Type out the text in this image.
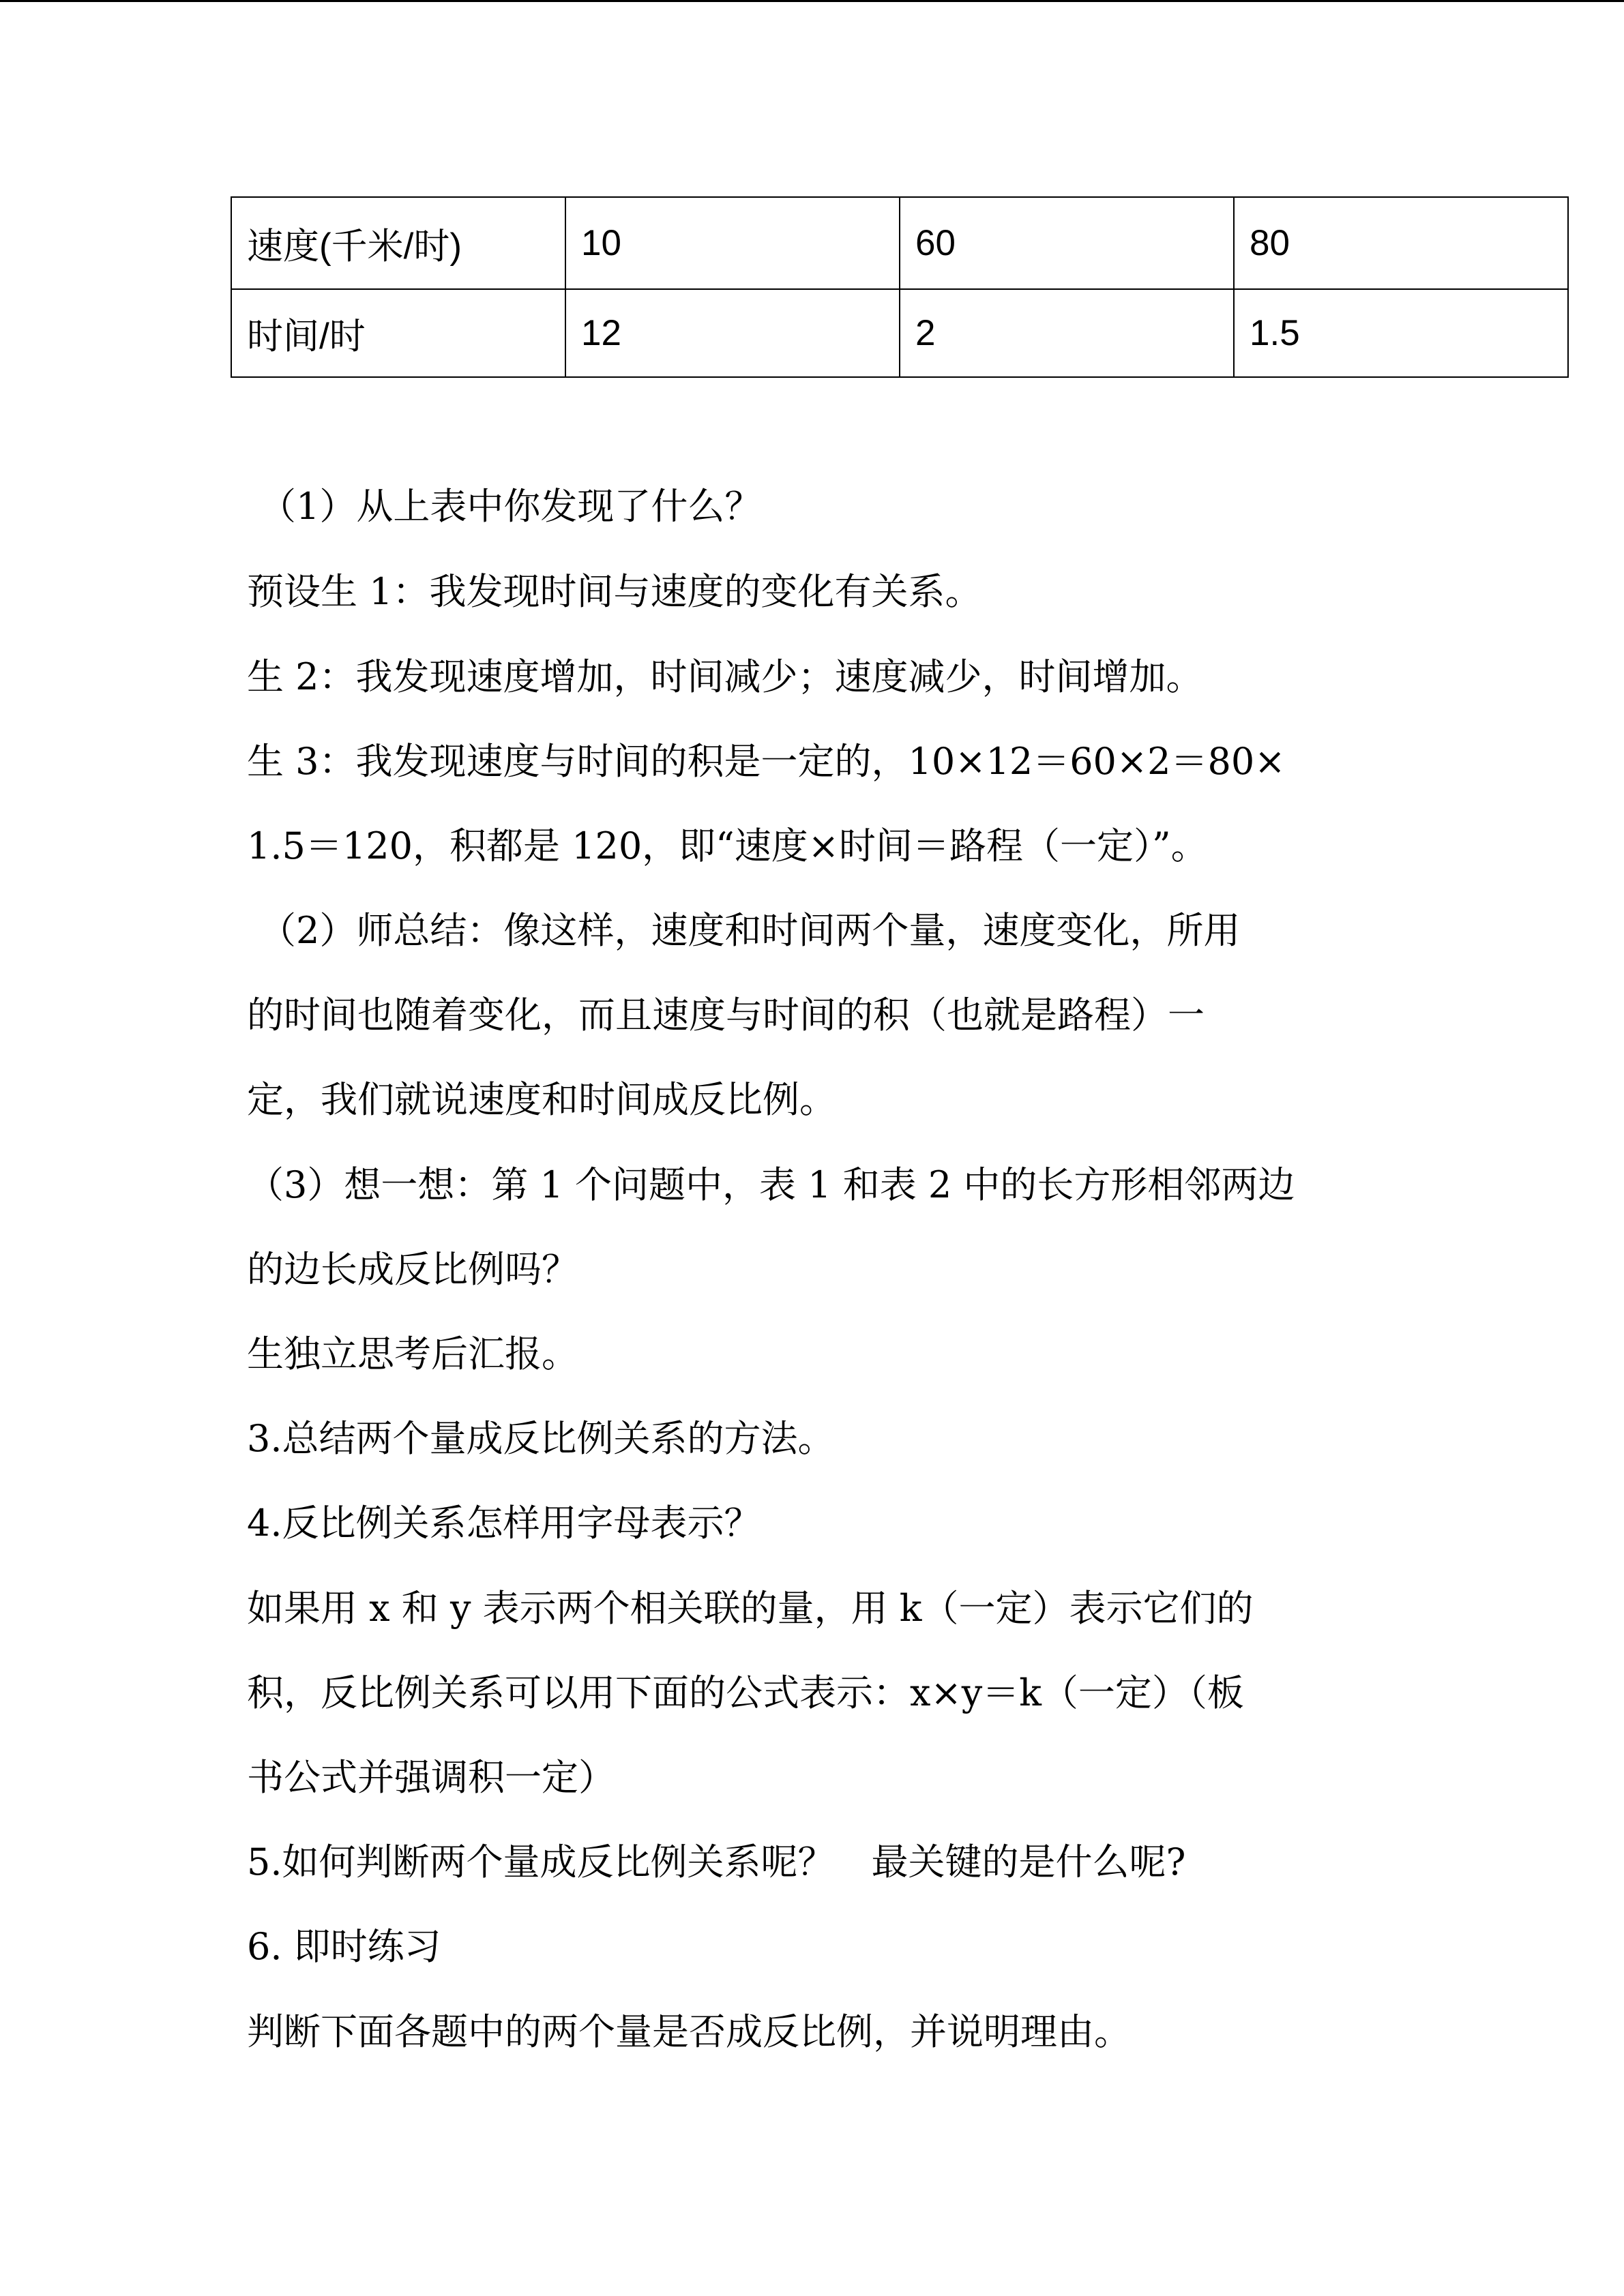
速度(千米/时)	10	60	80
时间/时	12	2	1.5
（1）从上表中你发现了什么？
预设生 1：我发现时间与速度的变化有关系。
生 2：我发现速度增加，时间减少；速度减少，时间增加。
生 3：我发现速度与时间的积是一定的，10×12＝60×2＝80×
1.5＝120，积都是 120，即“速度×时间＝路程（一定）”。
（2）师总结：像这样，速度和时间两个量，速度变化，所用
的时间也随着变化，而且速度与时间的积（也就是路程）一
定，我们就说速度和时间成反比例。
（3）想一想：第 1 个问题中，表 1 和表 2 中的长方形相邻两边
的边长成反比例吗？
生独立思考后汇报。
3.总结两个量成反比例关系的方法。
4.反比例关系怎样用字母表示？
如果用 x 和 y 表示两个相关联的量，用 k（一定）表示它们的
积，反比例关系可以用下面的公式表示：x×y＝k（一定）（板
书公式并强调积一定）
5.如何判断两个量成反比例关系呢？　最关键的是什么呢?
6. 即时练习
判断下面各题中的两个量是否成反比例，并说明理由。
